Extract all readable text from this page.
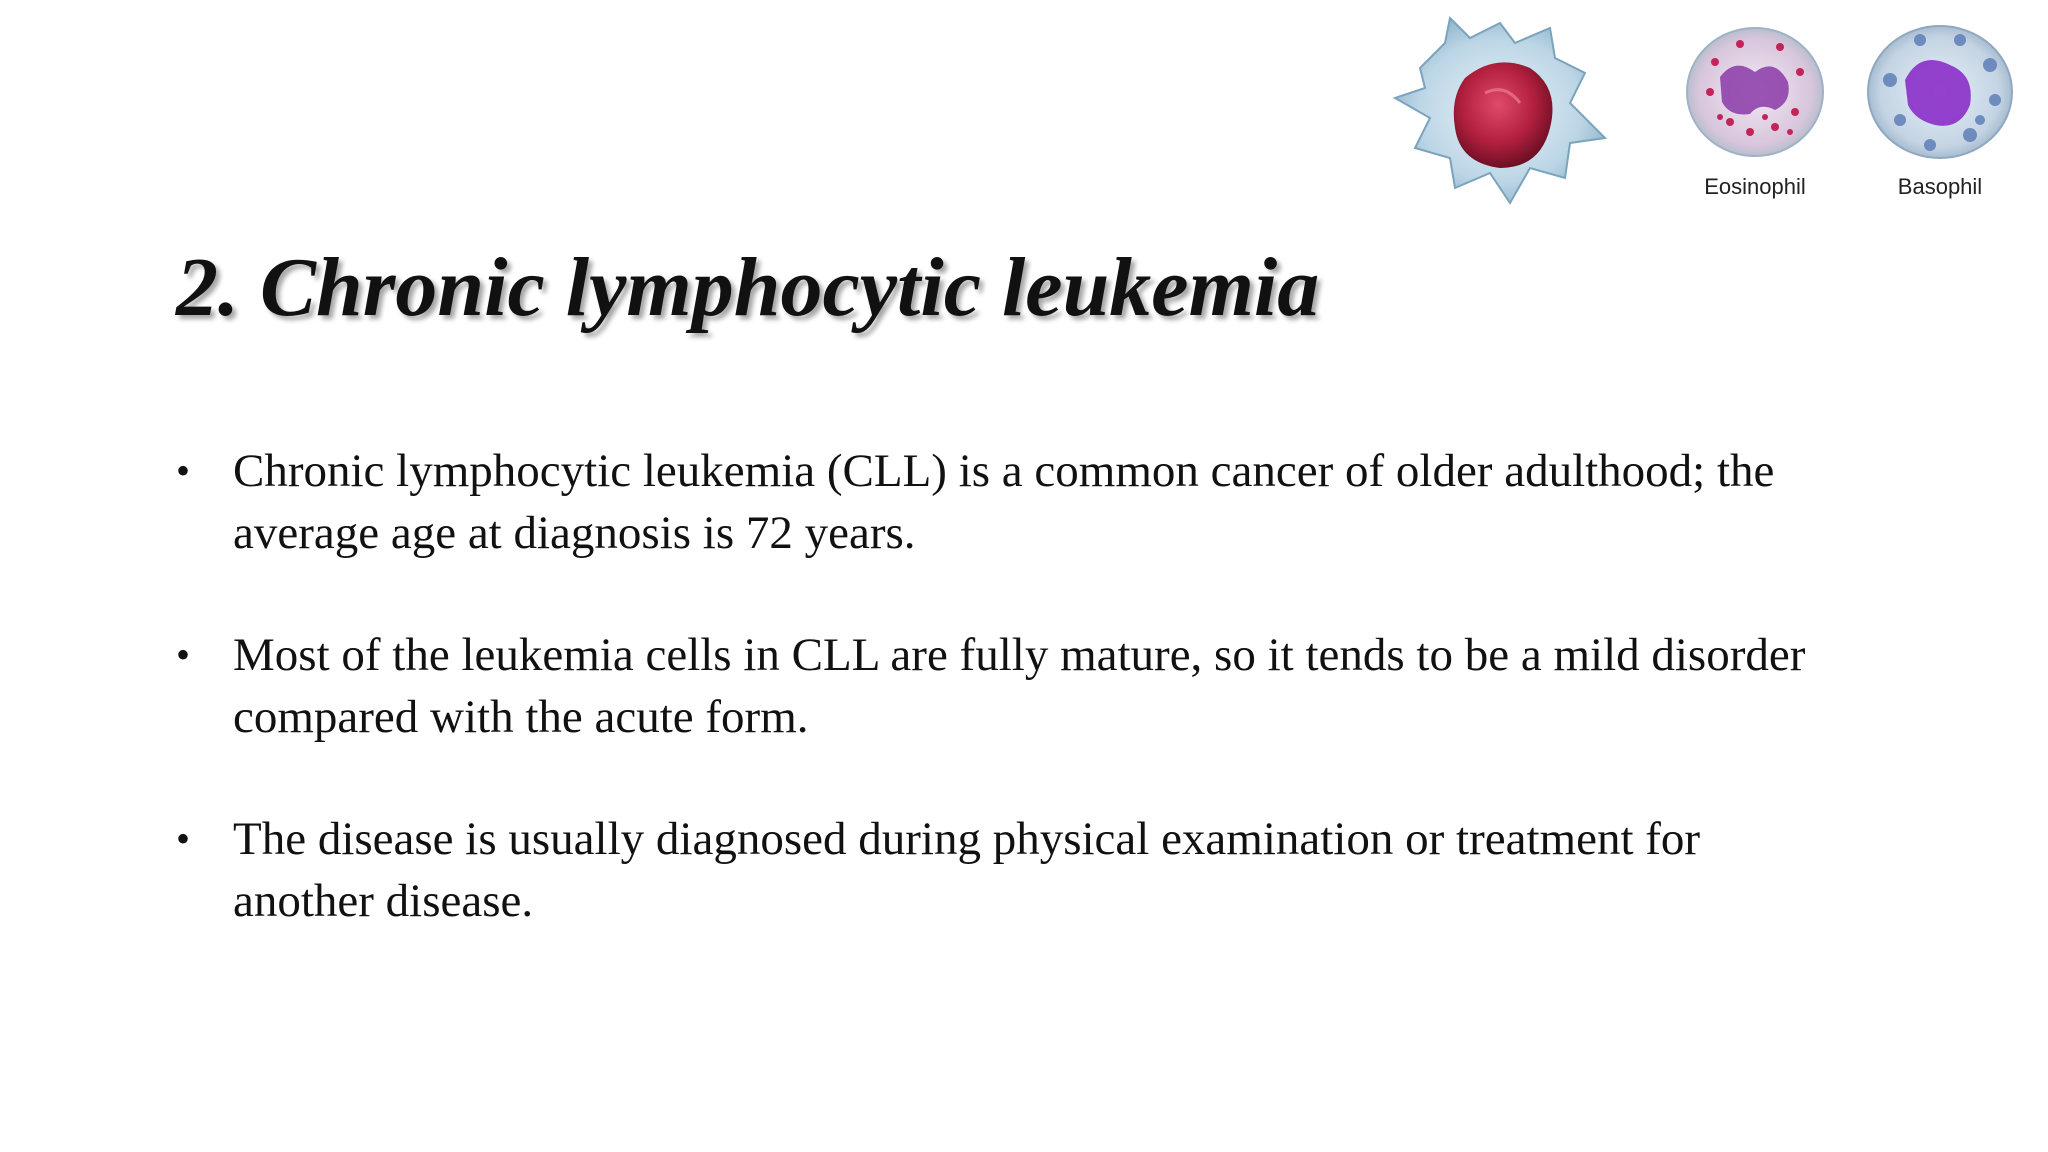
Eosinophil	Basophil
2. Chronic lymphocytic leukemia
• Chronic lymphocytic leukemia (CLL) is a common cancer of older adulthood; the average age at diagnosis is 72 years.
• Most of the leukemia cells in CLL are fully mature, so it tends to be a mild disorder compared with the acute form.
• The disease is usually diagnosed during physical examination or treatment for another disease.
